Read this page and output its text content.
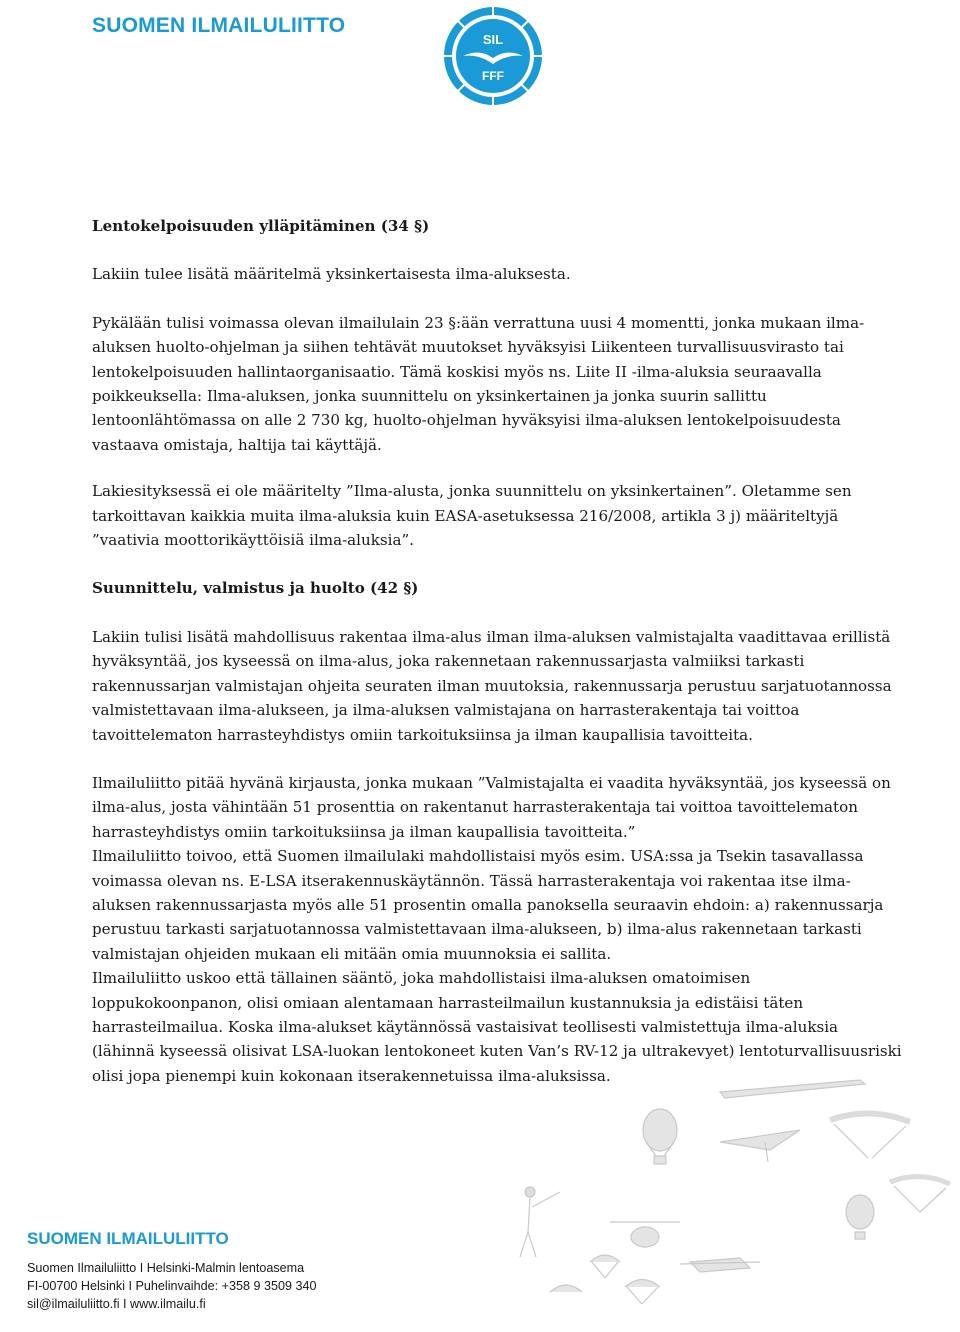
SUOMEN ILMAILULIITTO
SIL
FFF

Lentokelpoisuuden ylläpitäminen (34 §)

Lakiin tulee lisätä määritelmä yksinkertaisesta ilma-aluksesta.

Pykälään tulisi voimassa olevan ilmailulain 23 §:ään verrattuna uusi 4 momentti, jonka mukaan ilma-aluksen huolto-ohjelman ja siihen tehtävät muutokset hyväksyisi Liikenteen turvallisuusvirasto tai lentokelpoisuuden hallintaorganisaatio. Tämä koskisi myös ns. Liite II -ilma-aluksia seuraavalla poikkeuksella: Ilma-aluksen, jonka suunnittelu on yksinkertainen ja jonka suurin sallittu lentoonlähtömassa on alle 2 730 kg, huolto-ohjelman hyväksyisi ilma-aluksen lentokelpoisuudesta vastaava omistaja, haltija tai käyttäjä.

Lakiesityksessä ei ole määritelty ”Ilma-alusta, jonka suunnittelu on yksinkertainen”. Oletamme sen tarkoittavan kaikkia muita ilma-aluksia kuin EASA-asetuksessa 216/2008, artikla 3 j) määriteltyjä ”vaativia moottorikäyttöisiä ilma-aluksia”.

Suunnittelu, valmistus ja huolto (42 §)

Lakiin tulisi lisätä mahdollisuus rakentaa ilma-alus ilman ilma-aluksen valmistajalta vaadittavaa erillistä hyväksyntää, jos kyseessä on ilma-alus, joka rakennetaan rakennussarjasta valmiiksi tarkasti rakennussarjan valmistajan ohjeita seuraten ilman muutoksia, rakennussarja perustuu sarjatuotannossa valmistettavaan ilma-alukseen, ja ilma-aluksen valmistajana on harrasterakentaja tai voittoa tavoittelematon harrasteyhdistys omiin tarkoituksiinsa ja ilman kaupallisia tavoitteita.

Ilmailuliitto pitää hyvänä kirjausta, jonka mukaan ”Valmistajalta ei vaadita hyväksyntää, jos kyseessä on ilma-alus, josta vähintään 51 prosenttia on rakentanut harrasterakentaja tai voittoa tavoittelematon harrasteyhdistys omiin tarkoituksiinsa ja ilman kaupallisia tavoitteita.”

Ilmailuliitto toivoo, että Suomen ilmailulaki mahdollistaisi myös esim. USA:ssa ja Tsekin tasavallassa voimassa olevan ns. E-LSA itserakennuskäytännön. Tässä harrasterakentaja voi rakentaa itse ilma-aluksen rakennussarjasta myös alle 51 prosentin omalla panoksella seuraavin ehdoin: a) rakennussarja perustuu tarkasti sarjatuotannossa valmistettavaan ilma-alukseen, b) ilma-alus rakennetaan tarkasti valmistajan ohjeiden mukaan eli mitään omia muunnoksia ei sallita.

Ilmailuliitto uskoo että tällainen sääntö, joka mahdollistaisi ilma-aluksen omatoimisen loppukokoonpanon, olisi omiaan alentamaan harrasteilmailun kustannuksia ja edistäisi täten harrasteilmailua. Koska ilma-alukset käytännössä vastaisivat teollisesti valmistettuja ilma-aluksia (lähinnä kyseessä olisivat LSA-luokan lentokoneet kuten Van’s RV-12 ja ultrakevyet) lentoturvallisuusriski olisi jopa pienempi kuin kokonaan itserakennetuissa ilma-aluksissa.

SUOMEN ILMAILULIITTO
Suomen Ilmailuliitto I Helsinki-Malmin lentoasema
FI-00700 Helsinki I Puhelinvaihde: +358 9 3509 340
sil@ilmailuliitto.fi I www.ilmailu.fi
